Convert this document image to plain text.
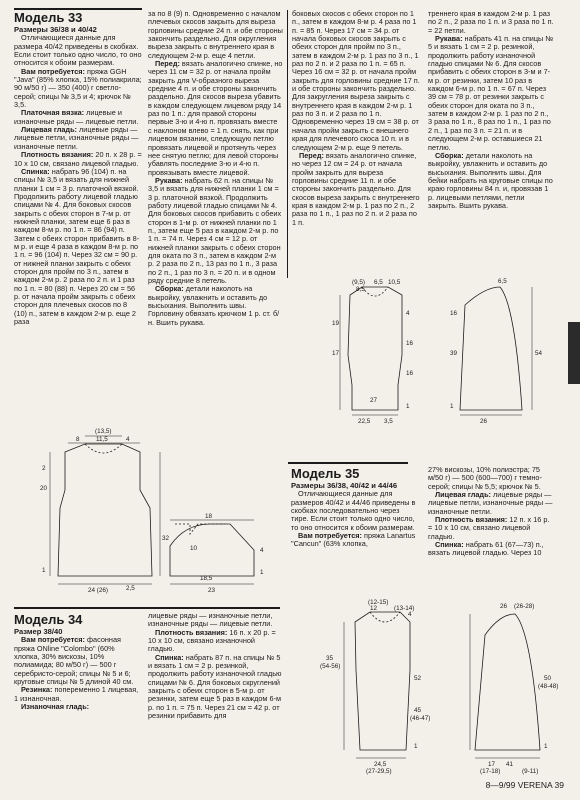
Модель 33

Размеры 36/38 и 40/42

Отличающиеся данные для размера 40/42 приведены в скобках. Если стоит только одно число, то оно относится к обоим размерам.

Вам потребуется: пряжа GGH "Java" (85% хлопка, 15% полиакрила; 90 м/50 г) — 350 (400) г светло-серой; спицы № 3,5 и 4; крючок № 3,5.

Платочная вязка: лицевые и изнаночные ряды — лицевые петли.

Лицевая гладь: лицевые ряды — лицевые петли, изнаночные ряды — изнаночные петли.

Плотность вязания: 20 п. х 28 р. = 10 х 10 см, связано лицевой гладью.

Спинка: набрать 96 (104) п. на спицы № 3,5 и вязать для нижней планки 1 см = 3 р. платочной вязкой. Продолжить работу лицевой гладью спицами № 4. Для боковых скосов закрыть с обеих сторон в 7-м р. от нижней планки, затем еще 6 раз в каждом 8-м р. по 1 п. = 86 (94) п. Затем с обеих сторон прибавить в 8-м р. и еще 4 раза в каждом 8-м р. по 1 п. = 96 (104) п. Через 32 см = 90 р. от нижней планки закрыть с обеих сторон для пройм по 3 п., затем в каждом 2-м р. 2 раза по 2 п. и 1 раз по 1 п. = 80 (88) п. Через 20 см = 56 р. от начала пройм закрыть с обеих сторон для плечевых скосов по 8 (10) п., затем в каждом 2-м р. еще 2 раза

за по 8 (9) п. Одновременно с началом плечевых скосов закрыть для выреза горловины средние 24 п. и обе стороны закончить раздельно. Для округления выреза закрыть с внутреннего края в следующем 2-м р. еще 4 петли.

Перед: вязать аналогично спинке, но через 11 см = 32 р. от начала пройм закрыть для V-образного выреза средние 4 п. и обе стороны закончить раздельно. Для скосов выреза убавить в каждом следующем лицевом ряду 14 раз по 1 п.: для правой стороны первые 3-ю и 4-ю п. провязать вместе с наклоном влево = 1 п. снять, как при лицевом вязании, следующую петлю провязать лицевой и протянуть через нее снятую петлю; для левой стороны убавлять последние 3-ю и 4-ю п. провязывать вместе лицевой.

Рукава: набрать 62 п. на спицы № 3,5 и вязать для нижней планки 1 см = 3 р. платочной вязкой. Продолжить работу лицевой гладью спицами № 4. Для боковых скосов прибавить с обеих сторон в 1-м р. от нижней планки по 1 п., затем еще 5 раз в каждом 2-м р. по 1 п. = 74 п. Через 4 см = 12 р. от нижней планки закрыть с обеих сторон для оката по 3 п., затем в каждом 2-м р. 2 раза по 2 п., 13 раз по 1 п., 3 раза по 2 п., 1 раз по 3 п. = 20 п. и в одном ряду средние 8 петель.

Сборка: детали наколоть на выкройку, увлажнить и оставить до высыхания. Выполнить швы. Горловину обвязать крючком 1 р. ст. б/н. Вшить рукава.

боковых скосов с обеих сторон по 1 п., затем в каждом 8-м р. 4 раза по 1 п. = 85 п. Через 17 см = 34 р. от начала боковых скосов закрыть с обеих сторон для пройм по 3 п., затем в каждом 2-м р. 1 раз по 3 п., 1 раз по 2 п. и 2 раза по 1 п. = 65 п. Через 16 см = 32 р. от начала пройм закрыть для горловины средние 17 п. и обе стороны закончить раздельно. Для закругления выреза закрыть с внутреннего края в каждом 2-м р. 1 раз по 3 п. и 2 раза по 1 п. Одновременно через 19 см = 38 р. от начала пройм закрыть с внешнего края для плечевого скоса 10 п. и в следующем 2-м р. еще 9 петель.

Перед: вязать аналогично спинке, но через 12 см = 24 р. от начала пройм закрыть для выреза горловины средние 11 п. и обе стороны закончить раздельно. Для скосов выреза закрыть с внутреннего края в каждом 2-м р. 1 раз по 2 п., 2 раза по 1 п., 1 раз по 2 п. и 2 раза по 1 п.

треннего края в каждом 2-м р. 1 раз по 2 п., 2 раза по 1 п. и 3 раза по 1 п. = 22 петли.

Рукава: набрать 41 п. на спицы № 5 и вязать 1 см = 2 р. резинкой, продолжить работу изнаночной гладью спицами № 6. Для скосов прибавить с обеих сторон в 3-м и 7-м р. от резинки, затем 10 раз в каждом 6-м р. по 1 п. = 67 п. Через 39 см = 78 р. от резинки закрыть с обеих сторон для оката по 3 п., затем в каждом 2-м р. 1 раз по 2 п., 3 раза по 1 п., 8 раз по 1 п., 1 раз по 2 п., 1 раз по 3 п. = 21 п. и в следующем 2-м р. оставшиеся 21 петлю.

Сборка: детали наколоть на выкройку, увлажнить и оставить до высыхания. Выполнить швы. Для бейки набрать на круговые спицы по краю горловины 84 п. и, провязав 1 р. лицевыми петлями, петли закрыть. Вшить рукава.

(13,5)
8	11,5	4
2
20
32
1
24 (26)	2,5
18
10	4
1
18,5
23
(9,5)
8,5
6,5 10,5
19
17
4
16
16
1
22,5 3,5
27
54
39
16
1
26
6,5

Модель 35

Размеры 36/38, 40/42 и 44/46

Отличающиеся данные для размеров 40/42 и 44/46 приведены в скобках последовательно через тире. Если стоит только одно число, то оно относится к обоим размерам.

Вам потребуется: пряжа Lanartus "Cancun" (63% хлопка,

27% вискозы, 10% полиэстра; 75 м/50 г) — 500 (600—700) г темно-серой; спицы № 5,5; крючок № 5.

Лицевая гладь: лицевые ряды — лицевые петли, изнаночные ряды — изнаночные петли.

Плотность вязания: 12 п. х 16 р. = 10 х 10 см, связано лицевой гладью.

Спинка: набрать 61 (67—73) п., вязать лицевой гладью. Через 10

Модель 34

Размер 38/40

Вам потребуется: фасонная пряжа ONline "Colombo" (60% хлопка, 30% вискозы, 10% полиамида; 80 м/50 г) — 500 г серебристо-серой; спицы № 5 и 6; круговые спицы № 5 длиной 40 см.

Резинка: попеременно 1 лицевая, 1 изнаночная.

Изнаночная гладь:

лицевые ряды — изнаночные петли, изнаночные ряды — лицевые петли.

Плотность вязания: 16 п. х 20 р. = 10 х 10 см, связано изнаночной гладью.

Спинка: набрать 87 п. на спицы № 5 и вязать 1 см = 2 р. резинкой, продолжить работу изнаночной гладью спицами № 6. Для боковых скруглений закрыть с обеих сторон в 5-м р. от резинки, затем еще 5 раз в каждом 6-м р. по 1 п. = 75 п. Через 21 см = 42 р. от резинки прибавить для

(12-15)
12	(13-14)
4
35
(54-56)
52
45
(46-47)
1
24,5
(27-29,5)
26 (26-28)
50
(48-48)
1
17
(17-18)
41
(9-11)
8—9/99 VERENA 39
